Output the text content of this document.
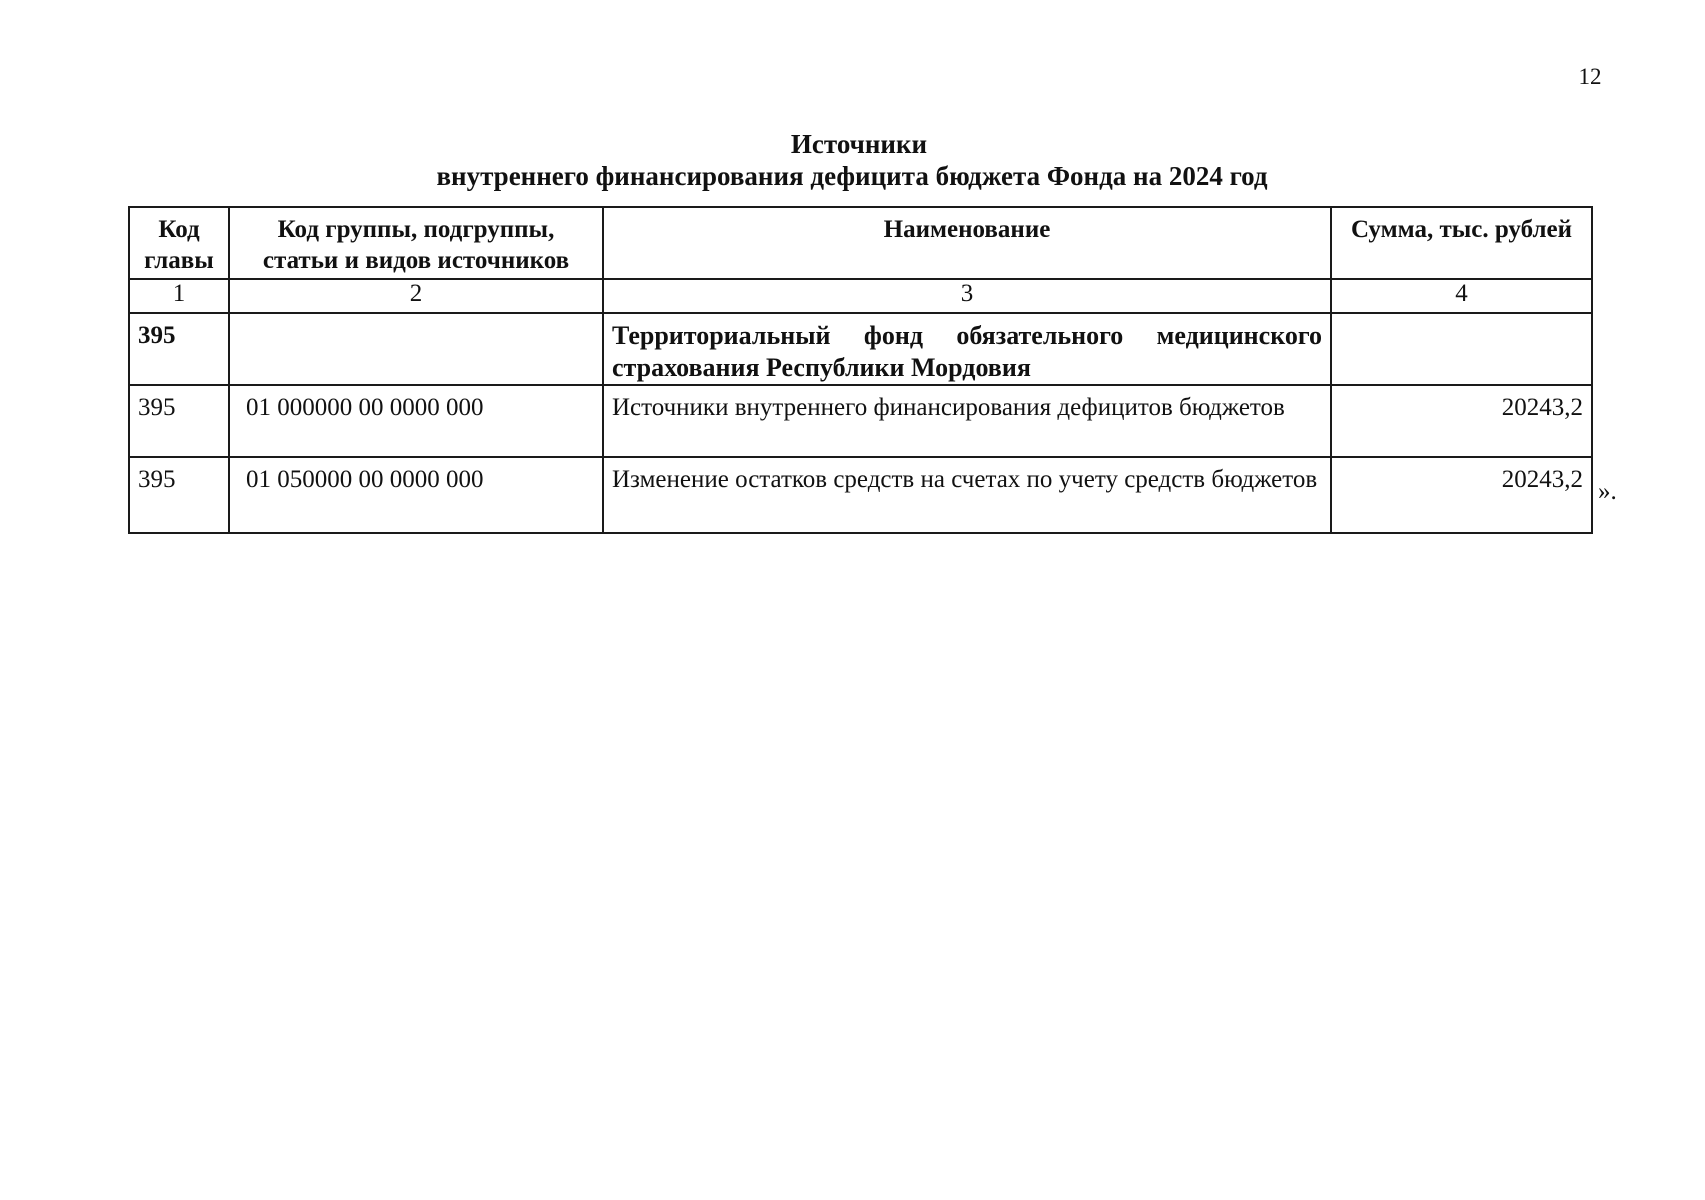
12
Источники
внутреннего финансирования дефицита бюджета Фонда на 2024 год
Код главы	Код группы, подгруппы, статьи и видов источников	Наименование	Сумма, тыс. рублей
1	2	3	4
395		Территориальный фонд обязательного медицинского страхования Республики Мордовия	
395	01 000000 00 0000 000	Источники внутреннего финансирования дефицитов бюджетов	20243,2
395	01 050000 00 0000 000	Изменение остатков средств на счетах по учету средств бюджетов	20243,2 ».
